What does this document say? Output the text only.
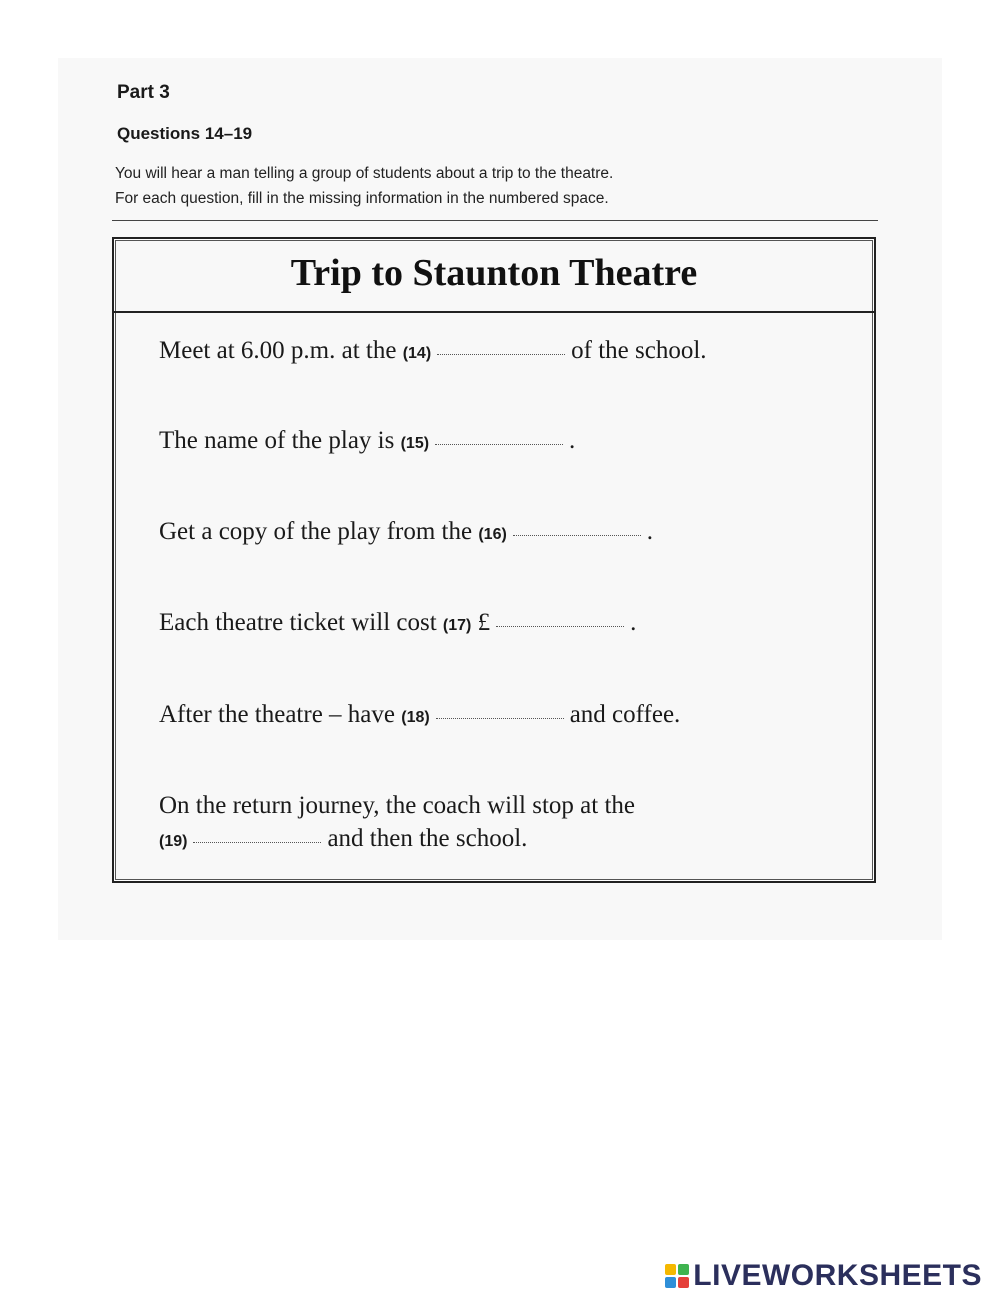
Part 3
Questions 14–19
You will hear a man telling a group of students about a trip to the theatre.
For each question, fill in the missing information in the numbered space.
Trip to Staunton Theatre
Meet at 6.00 p.m. at the (14)	of the school.
The name of the play is (15)	.
Get a copy of the play from the (16)	.
Each theatre ticket will cost (17) £	.
After the theatre – have (18)	and coffee.
On the return journey, the coach will stop at the
(19)	and then the school.
LIVEWORKSHEETS
